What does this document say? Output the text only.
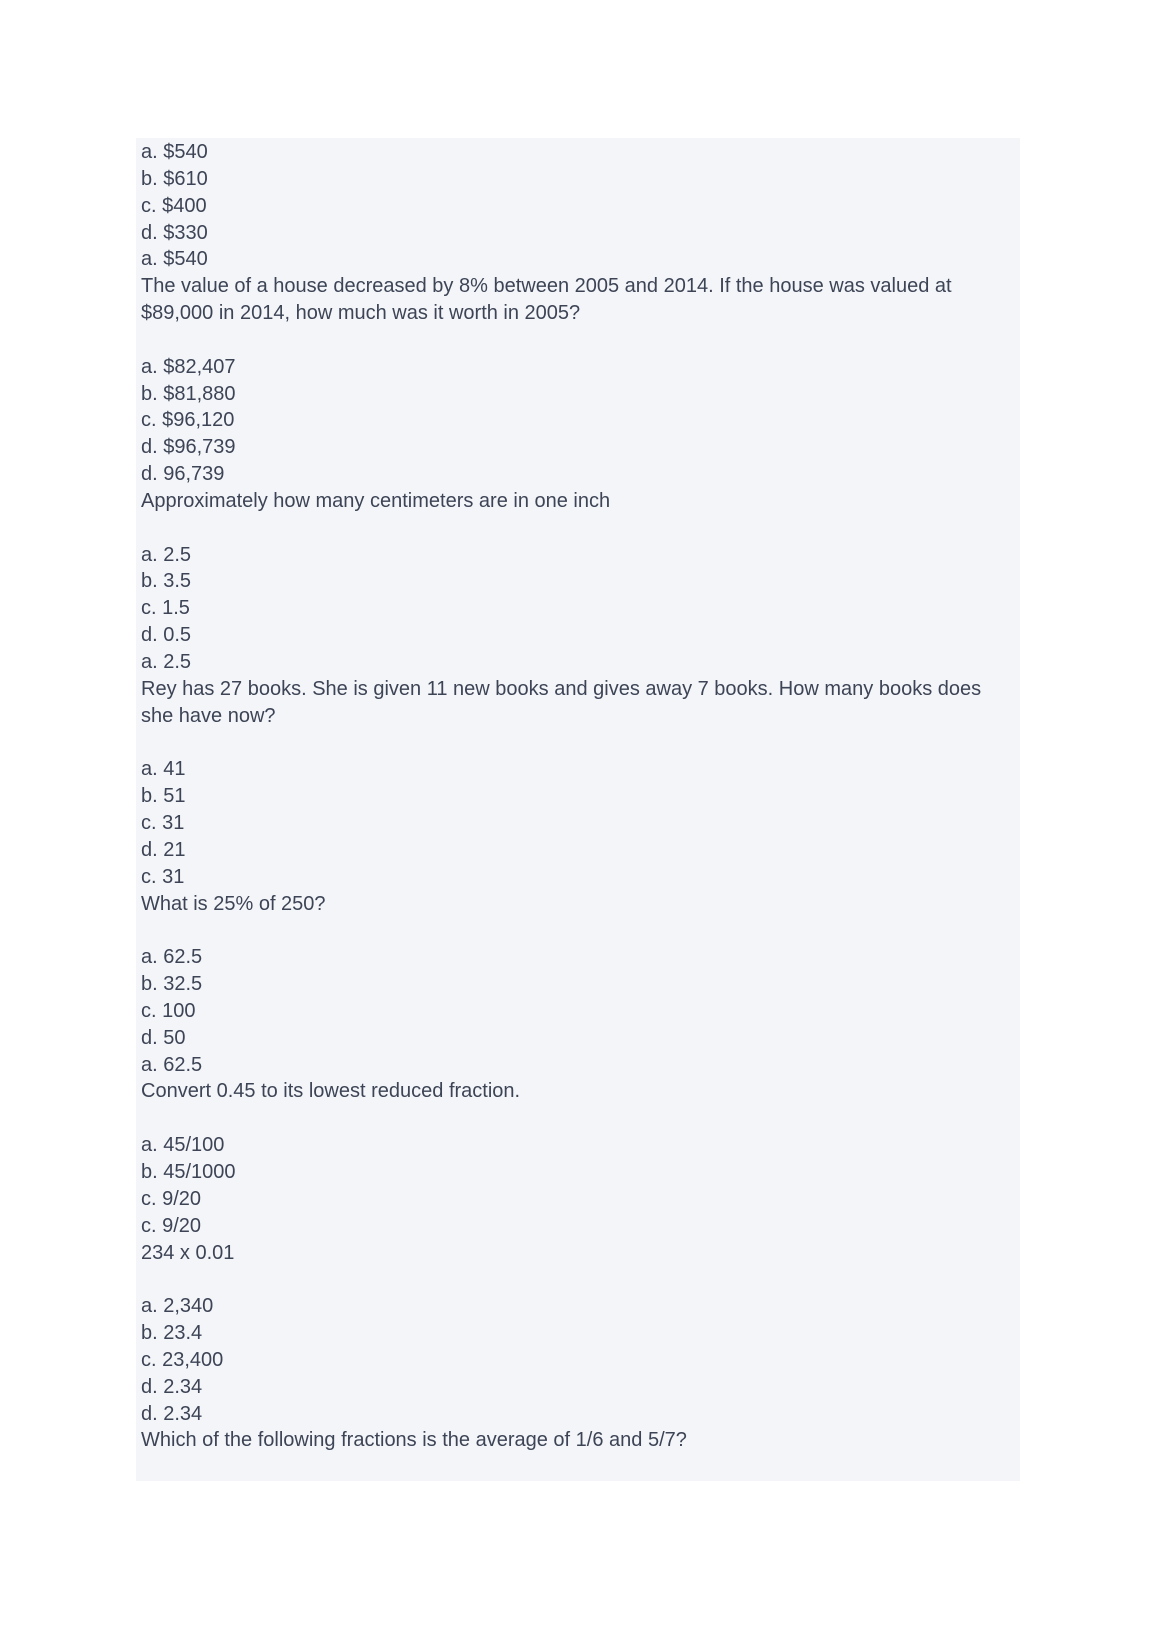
a. $540
b. $610
c. $400
d. $330
a. $540
The value of a house decreased by 8% between 2005 and 2014. If the house was valued at $89,000 in 2014, how much was it worth in 2005?
a. $82,407
b. $81,880
c. $96,120
d. $96,739
d. 96,739
Approximately how many centimeters are in one inch
a. 2.5
b. 3.5
c. 1.5
d. 0.5
a. 2.5
Rey has 27 books. She is given 11 new books and gives away 7 books. How many books does she have now?
a. 41
b. 51
c. 31
d. 21
c. 31
What is 25% of 250?
a. 62.5
b. 32.5
c. 100
d. 50
a. 62.5
Convert 0.45 to its lowest reduced fraction.
a. 45/100
b. 45/1000
c. 9/20
c. 9/20
234 x 0.01
a. 2,340
b. 23.4
c. 23,400
d. 2.34
d. 2.34
Which of the following fractions is the average of 1/6 and 5/7?
